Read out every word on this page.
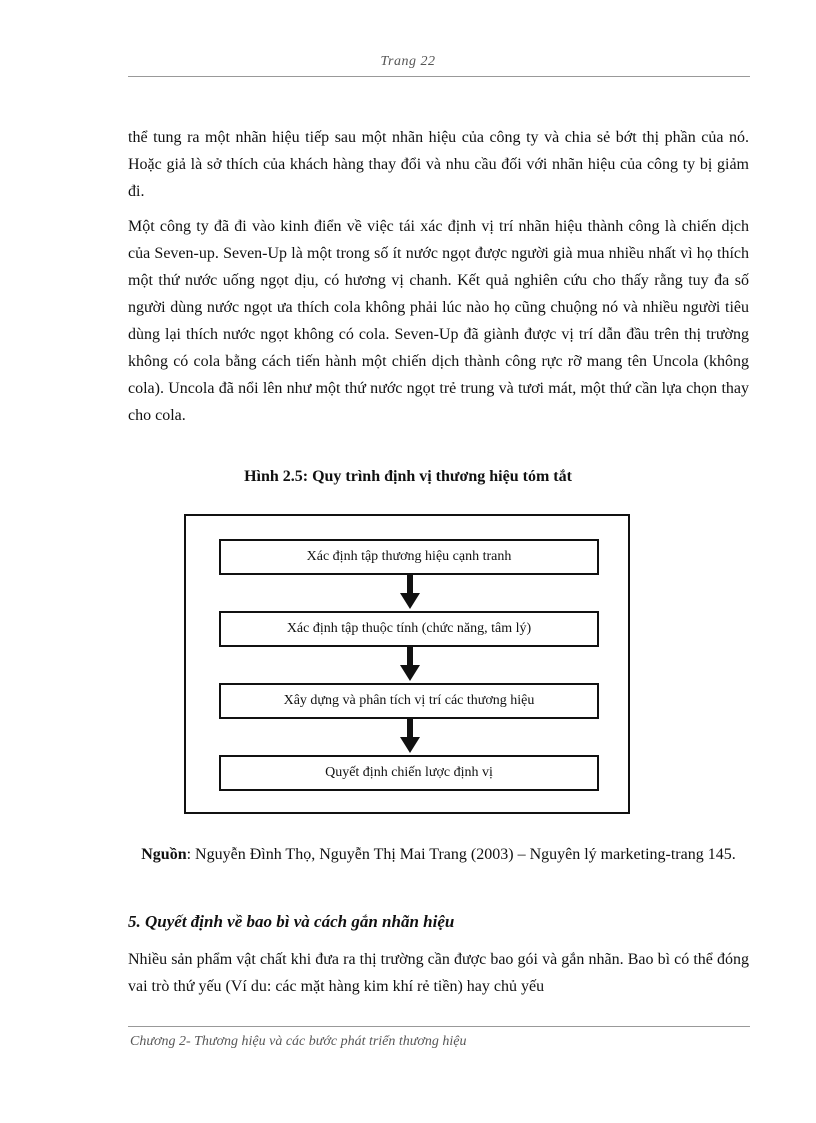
Trang 22

thể tung ra một nhãn hiệu tiếp sau một nhãn hiệu của công ty và chia sẻ bớt thị phần của nó. Hoặc giả là sở thích của khách hàng thay đổi và nhu cầu đối với nhãn hiệu của công ty bị giảm đi.

Một công ty đã đi vào kinh điển về việc tái xác định vị trí nhãn hiệu thành công là chiến dịch của Seven-up. Seven-Up là một trong số ít nước ngọt được người già mua nhiều nhất vì họ thích một thứ nước uống ngọt dịu, có hương vị chanh. Kết quả nghiên cứu cho thấy rằng tuy đa số người dùng nước ngọt ưa thích cola không phải lúc nào họ cũng chuộng nó và nhiều người tiêu dùng lại thích nước ngọt không có cola. Seven-Up đã giành được vị trí dẫn đầu trên thị trường không có cola bằng cách tiến hành một chiến dịch thành công rực rỡ mang tên Uncola (không cola). Uncola đã nổi lên như một thứ nước ngọt trẻ trung và tươi mát, một thứ cần lựa chọn thay cho cola.

Hình 2.5: Quy trình định vị thương hiệu tóm tắt
Xác định tập thương hiệu cạnh tranh
Xác định tập thuộc tính (chức năng, tâm lý)
Xây dựng và phân tích vị trí các thương hiệu
Quyết định chiến lược định vị
Nguồn: Nguyễn Đình Thọ, Nguyễn Thị Mai Trang (2003) – Nguyên lý marketing-trang 145.
5. Quyết định về bao bì và cách gắn nhãn hiệu

Nhiều sản phẩm vật chất khi đưa ra thị trường cần được bao gói và gắn nhãn. Bao bì có thể đóng vai trò thứ yếu (Ví du: các mặt hàng kim khí rẻ tiền) hay chủ yếu

Chương 2- Thương hiệu và các bước phát triển thương hiệu
